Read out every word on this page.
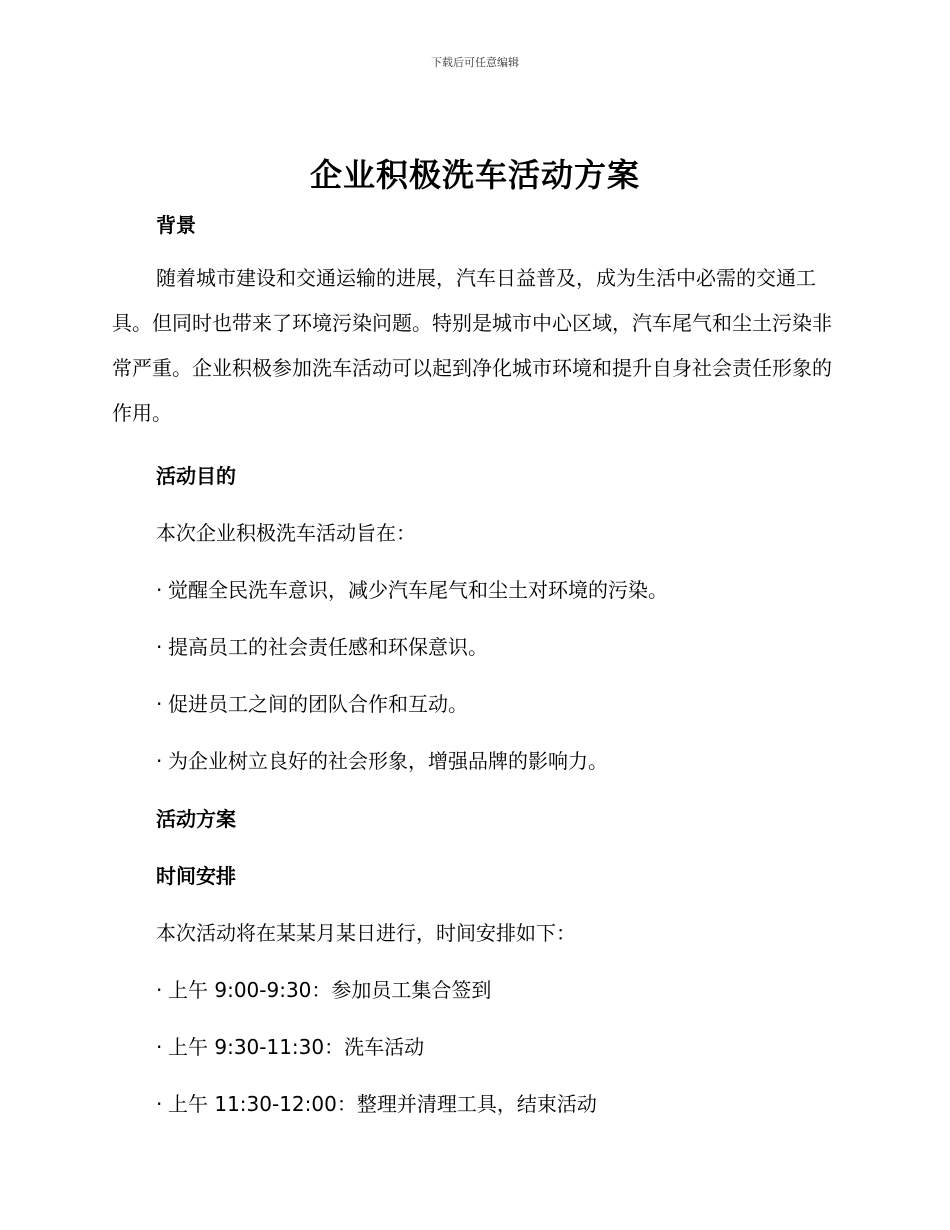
下载后可任意编辑
企业积极洗车活动方案
背景

随着城市建设和交通运输的进展，汽车日益普及，成为生活中必需的交通工具。但同时也带来了环境污染问题。特别是城市中心区域，汽车尾气和尘土污染非常严重。企业积极参加洗车活动可以起到净化城市环境和提升自身社会责任形象的作用。

活动目的

本次企业积极洗车活动旨在：

· 觉醒全民洗车意识，减少汽车尾气和尘土对环境的污染。

· 提高员工的社会责任感和环保意识。

· 促进员工之间的团队合作和互动。

· 为企业树立良好的社会形象，增强品牌的影响力。

活动方案
时间安排

本次活动将在某某月某日进行，时间安排如下：

· 上午 9:00-9:30：参加员工集合签到

· 上午 9:30-11:30：洗车活动

· 上午 11:30-12:00：整理并清理工具，结束活动
